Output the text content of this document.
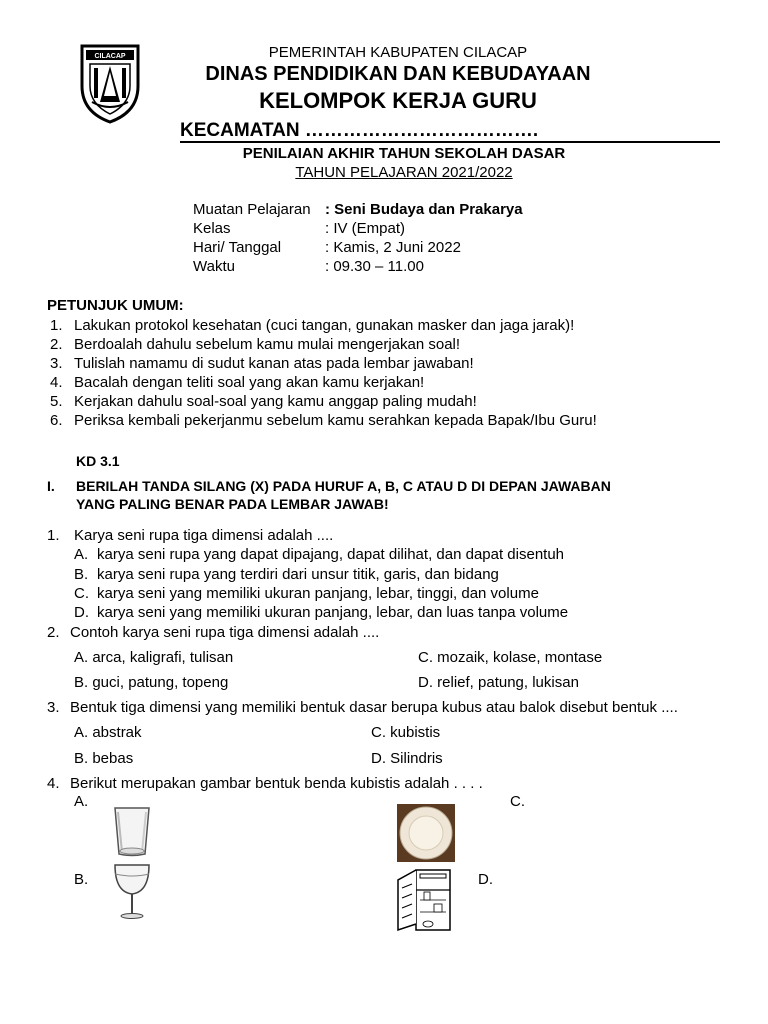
CILACAP	PEMERINTAH KABUPATEN CILACAP
DINAS PENDIDIKAN DAN KEBUDAYAAN
KELOMPOK KERJA GURU
KECAMATAN ……………………………….
PENILAIAN AKHIR TAHUN SEKOLAH DASAR
TAHUN PELAJARAN 2021/2022
Muatan Pelajaran : Seni Budaya dan Prakarya
Kelas	: IV (Empat)
Hari/ Tanggal	: Kamis, 2 Juni 2022
Waktu	: 09.30 – 11.00
PETUNJUK UMUM:
1. Lakukan protokol kesehatan (cuci tangan, gunakan masker dan jaga jarak)!
2. Berdoalah dahulu sebelum kamu mulai mengerjakan soal!
3. Tulislah namamu di sudut kanan atas pada lembar jawaban!
4. Bacalah dengan teliti soal yang akan kamu kerjakan!
5. Kerjakan dahulu soal-soal yang kamu anggap paling mudah!
6. Periksa kembali pekerjanmu sebelum kamu serahkan kepada Bapak/Ibu Guru!
KD 3.1
I. BERILAH TANDA SILANG (X) PADA HURUF A, B, C ATAU D DI DEPAN JAWABAN
YANG PALING BENAR PADA LEMBAR JAWAB!
1. Karya seni rupa tiga dimensi adalah ....
A. karya seni rupa yang dapat dipajang, dapat dilihat, dan dapat disentuh
B. karya seni rupa yang terdiri dari unsur titik, garis, dan bidang
C. karya seni yang memiliki ukuran panjang, lebar, tinggi, dan volume
D. karya seni yang memiliki ukuran panjang, lebar, dan luas tanpa volume
2. Contoh karya seni rupa tiga dimensi adalah ....
A. arca, kaligrafi, tulisan	C. mozaik, kolase, montase
B. guci, patung, topeng	D. relief, patung, lukisan
3. Bentuk tiga dimensi yang memiliki bentuk dasar berupa kubus atau balok disebut bentuk ....
A. abstrak	C. kubistis
B. bebas	D. Silindris
4. Berikut merupakan gambar bentuk benda kubistis adalah . . . .
A.	C.
B.	D.
